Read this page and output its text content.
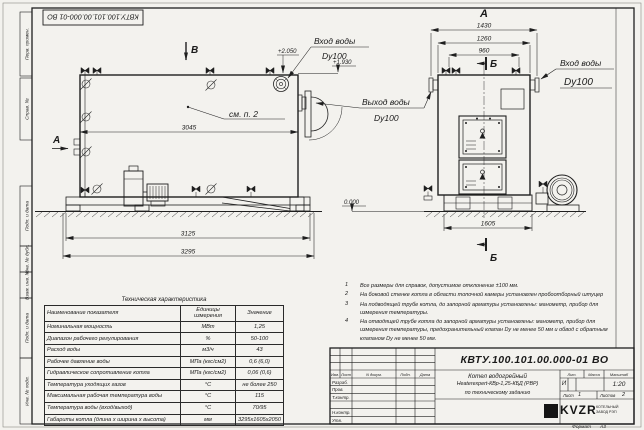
Перв. примен.
Справ. №
Подп. и дата
Инв. № дубл.
Взам. инв. №
Подп. и дата
Инв. № подл.
КВТУ.100.101.00.000-01 ВО
3045
3125
3295
В
А
см. п. 2
Вход воды
Dy100
+2.050
+1.930
Выход воды
Dy100
0.000
А
1430
1260
960
1605
Б
Б
Вход воды
Dy100
Техническая характеристика
Наименование показателя	Единицы измерения	Значение
Номинальная мощность	МВт	1,25
Диапазон рабочего регулирования	%	50-100
Расход воды	м3/ч	43
Рабочее давление воды	МПа (кгс/см2)	0,6 (6,0)
Гидравлическое сопротивление котла	МПа (кгс/см2)	0,06 (0,6)
Температура уходящих газов	°С	не более 250
Максимальная рабочая температура воды	°С	115
Температура воды (вход/выход)	°С	70/95
Габариты котла (длина х ширина х высота)	мм	3295х1605х2050
1	Все размеры для справок, допустимое отклонение ±100 мм.
2	На боковой стенке котла в области топочной камеры установлен пробоотборный штуцер
3	На подводящей трубе котла, до запорной арматуры установлены: манометр, прибор для измерения температуры.
4	На отводящей трубе котла до запорной арматуры установлены: манометр, прибор для измерения температуры, предохранительный клапан Dу не менее 50 мм и обвод с обратным клапаном Dу не менее 50 мм.
КВТУ.100.101.00.000-01 ВО
Изм. Лист	N докум.	Подп.	Дата
Разраб.
Пров.
Т.контр.
Н.контр.
Утв.
Котел водогрейный
Heaterexpert-КВр-1,25-КБД (РВР)
по техническому заданию
Лит.	Масса	Масштаб
И	1:20
Лист 1	Листов 2
KVZR КОТЕЛЬНЫЙ
ЗАВОД РЭП
Формат А3
